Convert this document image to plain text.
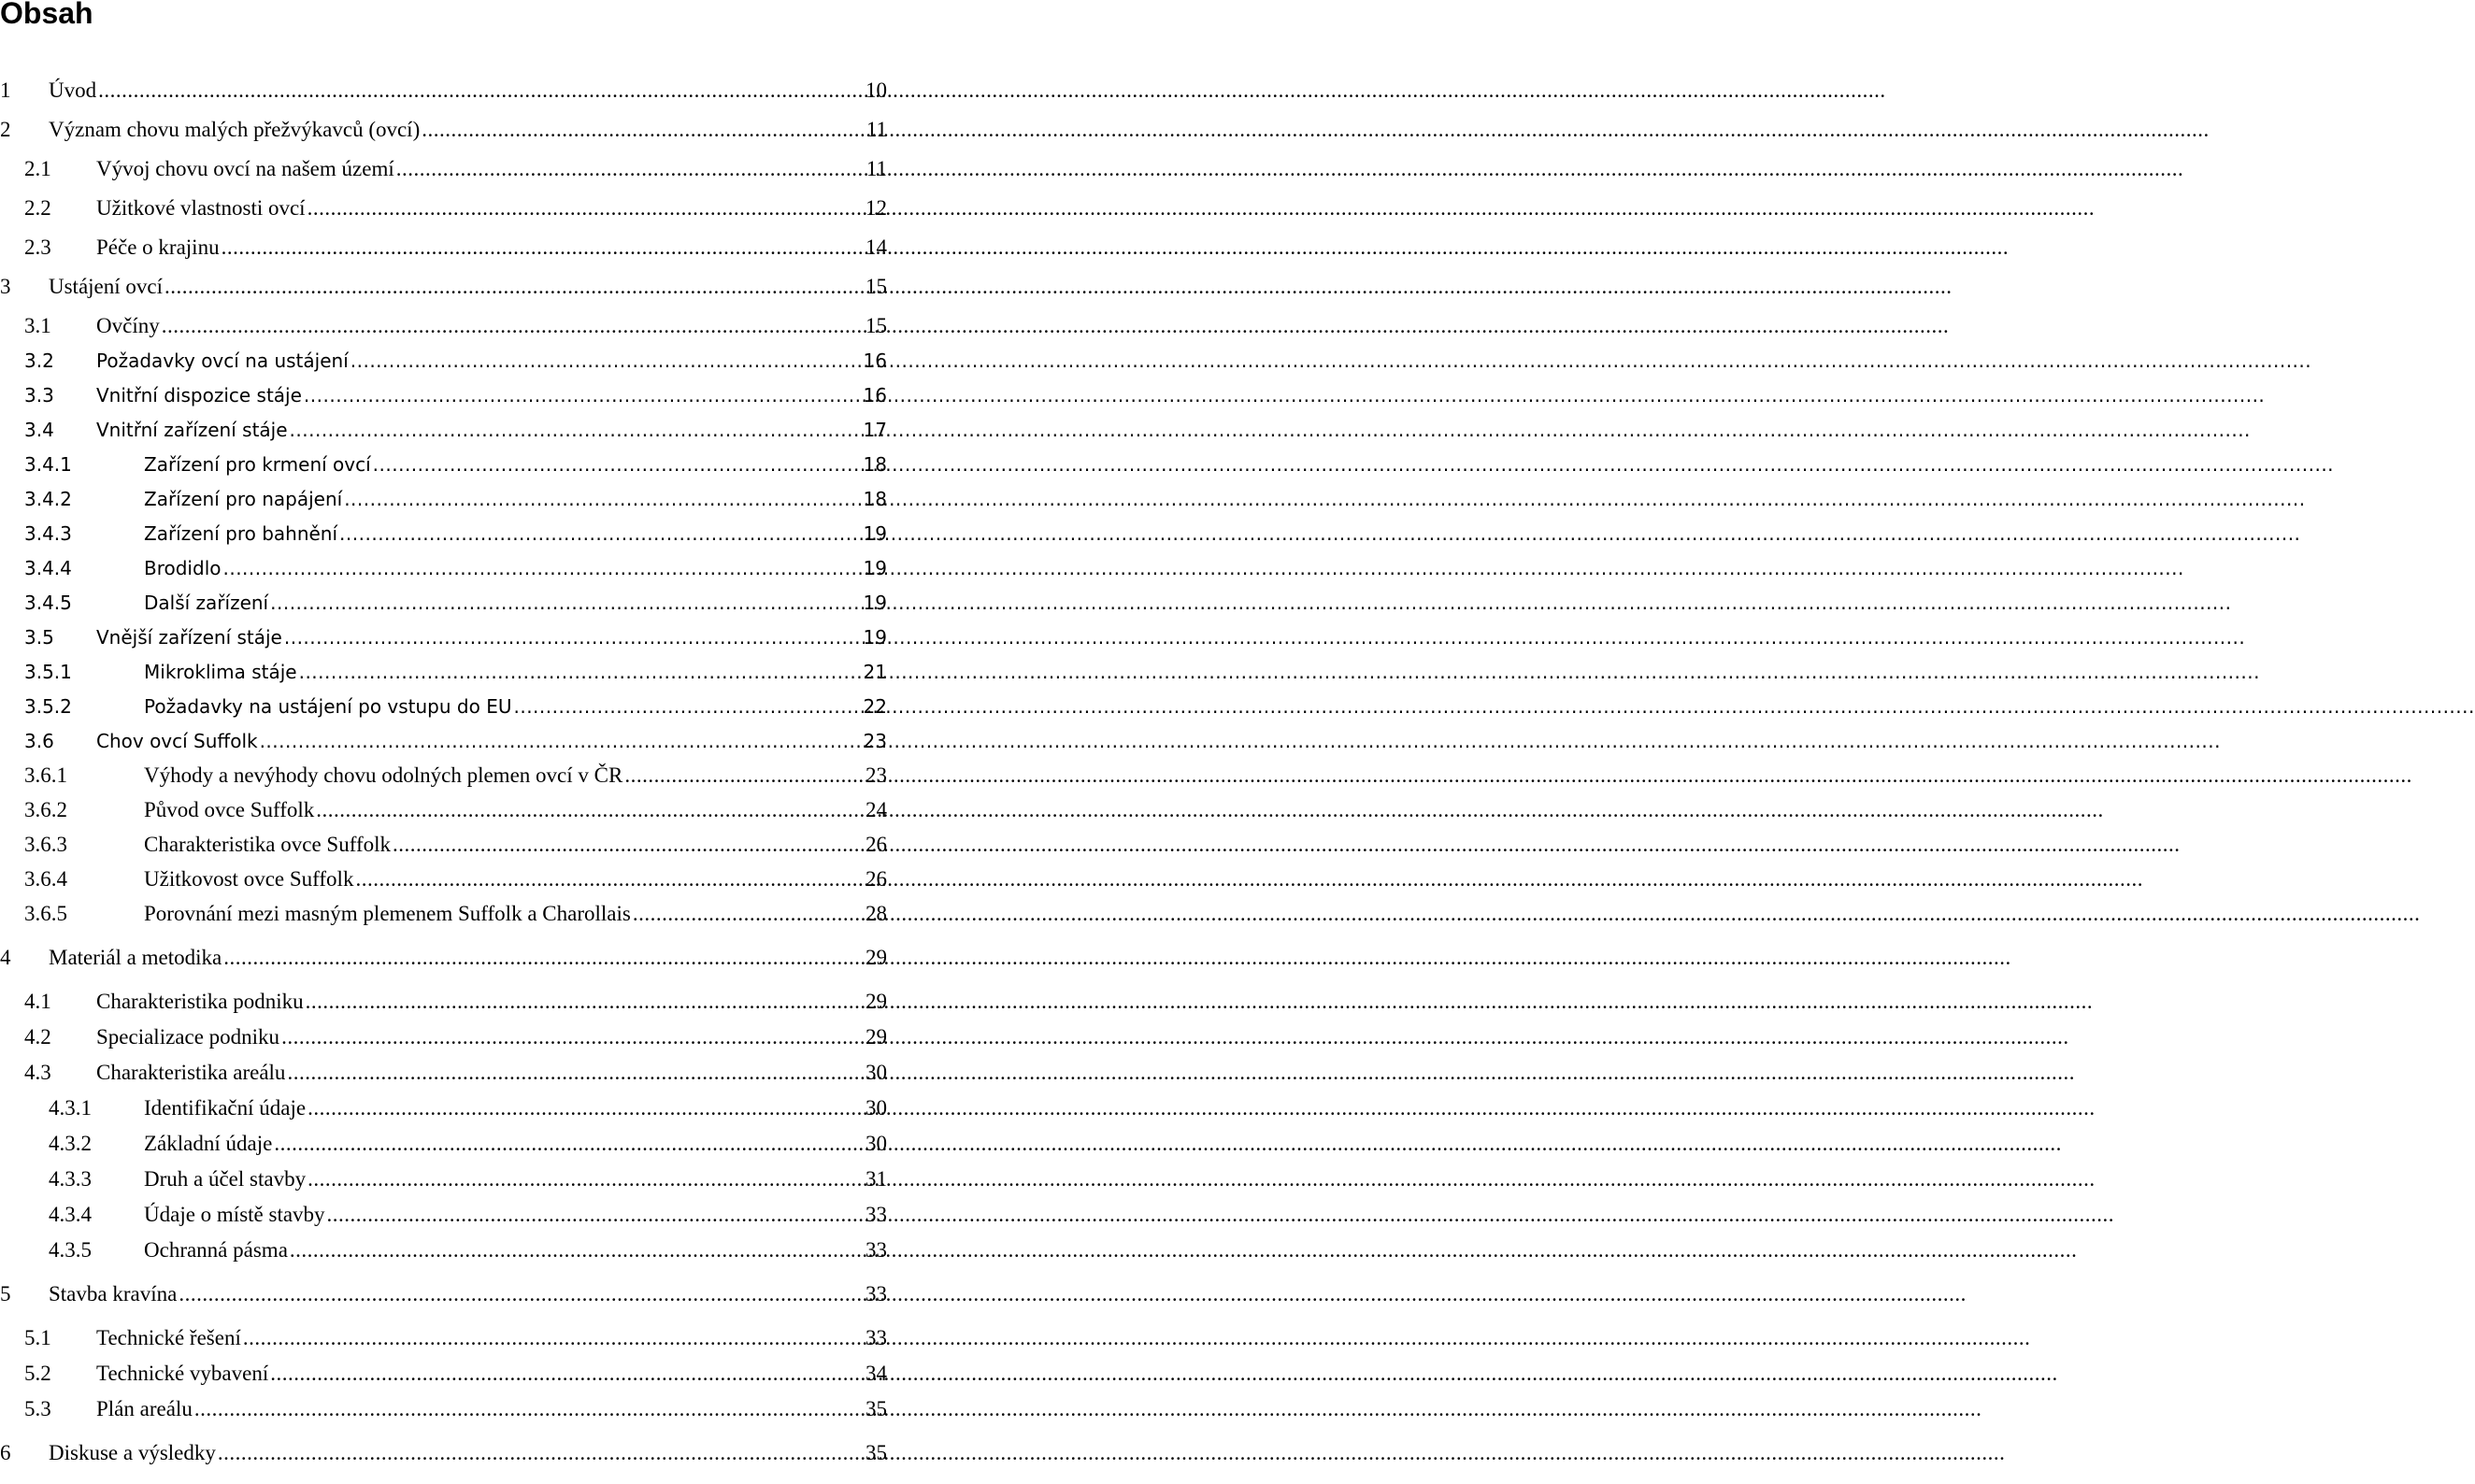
Obsah
1	Úvod .....	10
2	Význam chovu malých přežvýkavců (ovcí) .....	11
2.1	Vývoj chovu ovcí na našem území .....	11
2.2	Užitkové vlastnosti ovcí .....	12
2.3	Péče o krajinu .....	14
3	Ustájení ovcí .....	15
3.1	Ovčíny .....	15
3.2	Požadavky ovcí na ustájení .....	16
3.3	Vnitřní dispozice stáje .....	16
3.4	Vnitřní zařízení stáje .....	17
3.4.1	Zařízení pro krmení ovcí .....	18
3.4.2	Zařízení pro napájení .....	18
3.4.3	Zařízení pro bahnění .....	19
3.4.4	Brodidlo .....	19
3.4.5	Další zařízení .....	19
3.5	Vnější zařízení stáje .....	19
3.5.1	Mikroklima stáje .....	21
3.5.2	Požadavky na ustájení po vstupu do EU .....	22
3.6	Chov ovcí Suffolk .....	23
3.6.1	Výhody a nevýhody chovu odolných plemen ovcí v ČR .....	23
3.6.2	Původ ovce Suffolk .....	24
3.6.3	Charakteristika ovce Suffolk .....	26
3.6.4	Užitkovost ovce Suffolk .....	26
3.6.5	Porovnání mezi masným plemenem Suffolk a Charollais .....	28
4	Materiál a metodika .....	29
4.1	Charakteristika podniku .....	29
4.2	Specializace podniku .....	29
4.3	Charakteristika areálu .....	30
4.3.1	Identifikační údaje .....	30
4.3.2	Základní údaje .....	30
4.3.3	Druh a účel stavby .....	31
4.3.4	Údaje o místě stavby .....	33
4.3.5	Ochranná pásma .....	33
5	Stavba kravína .....	33
5.1	Technické řešení .....	33
5.2	Technické vybavení .....	34
5.3	Plán areálu .....	35
6	Diskuse a výsledky .....	35
